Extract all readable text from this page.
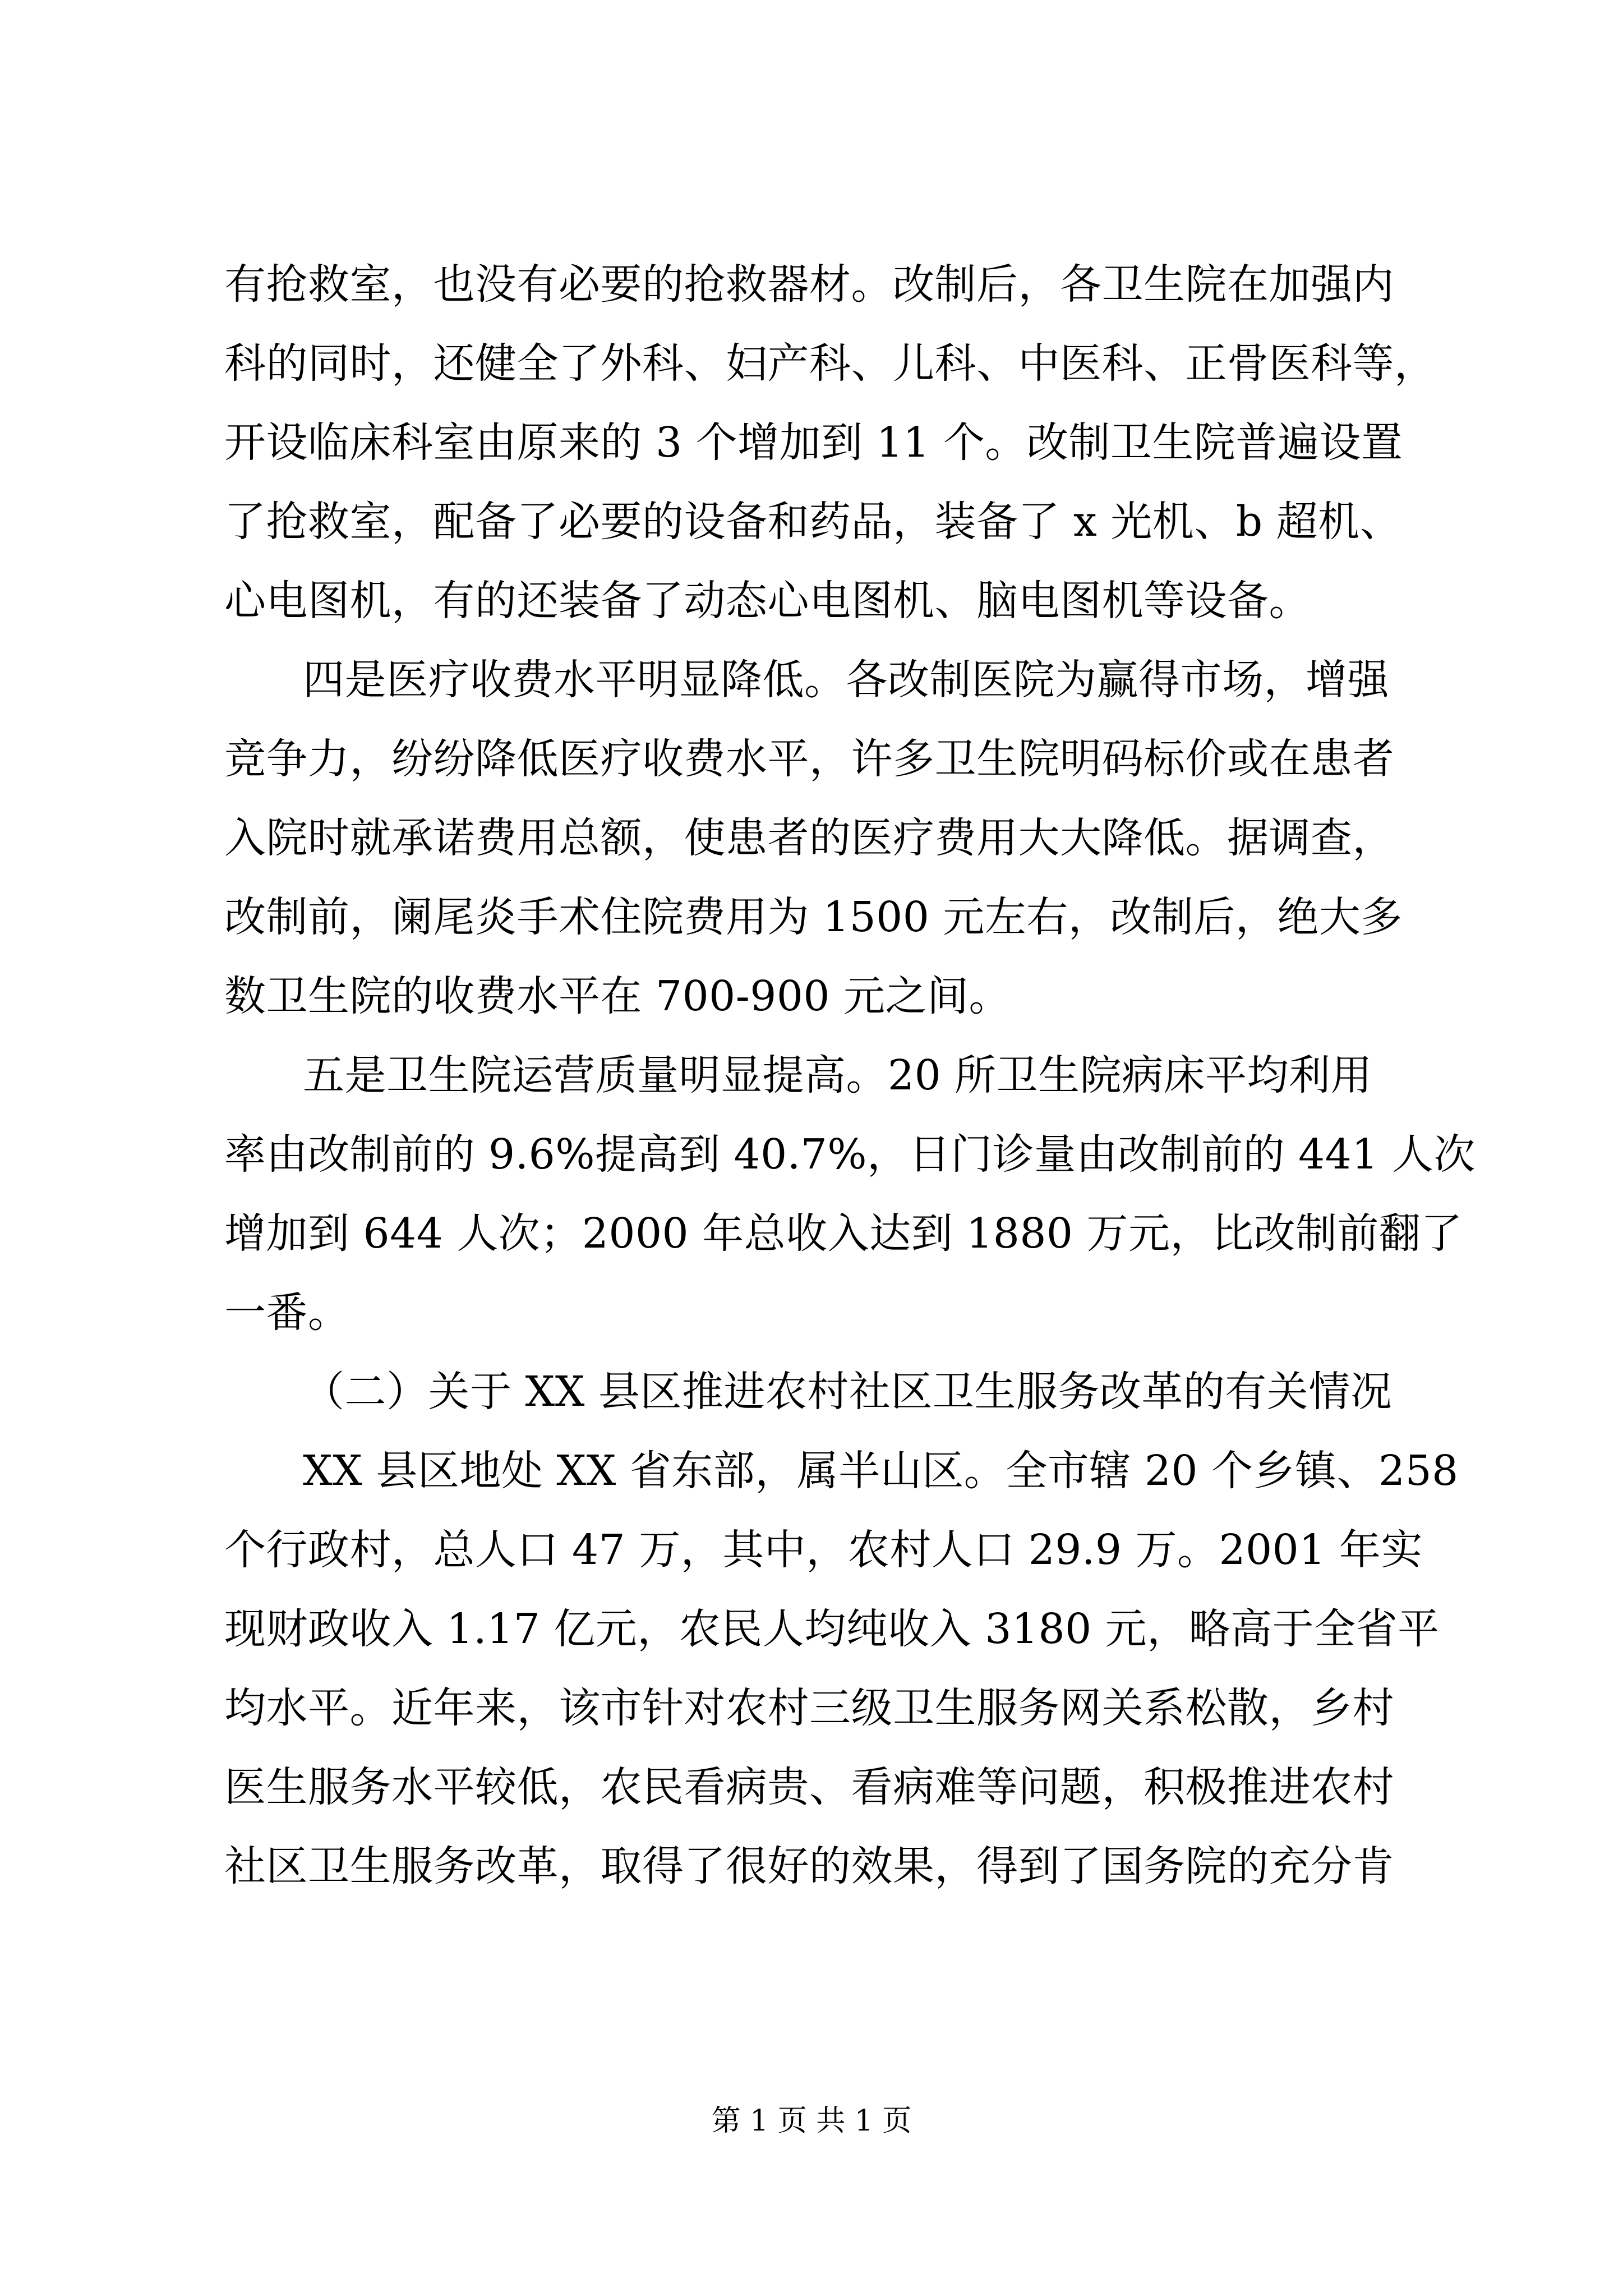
有抢救室，也没有必要的抢救器材。改制后，各卫生院在加强内
科的同时，还健全了外科、妇产科、儿科、中医科、正骨医科等，
开设临床科室由原来的 3 个增加到 11 个。改制卫生院普遍设置
了抢救室，配备了必要的设备和药品，装备了 x 光机、b 超机、
心电图机，有的还装备了动态心电图机、脑电图机等设备。
四是医疗收费水平明显降低。各改制医院为赢得市场，增强
竞争力，纷纷降低医疗收费水平，许多卫生院明码标价或在患者
入院时就承诺费用总额，使患者的医疗费用大大降低。据调查，
改制前，阑尾炎手术住院费用为 1500 元左右，改制后，绝大多
数卫生院的收费水平在 700-900 元之间。
五是卫生院运营质量明显提高。20 所卫生院病床平均利用
率由改制前的 9.6%提高到 40.7%，日门诊量由改制前的 441 人次
增加到 644 人次；2000 年总收入达到 1880 万元，比改制前翻了
一番。
（二）关于 XX 县区推进农村社区卫生服务改革的有关情况
XX 县区地处 XX 省东部，属半山区。全市辖 20 个乡镇、258
个行政村，总人口 47 万，其中，农村人口 29.9 万。2001 年实
现财政收入 1.17 亿元，农民人均纯收入 3180 元，略高于全省平
均水平。近年来，该市针对农村三级卫生服务网关系松散，乡村
医生服务水平较低，农民看病贵、看病难等问题，积极推进农村
社区卫生服务改革，取得了很好的效果，得到了国务院的充分肯
第 1 页 共 1 页
